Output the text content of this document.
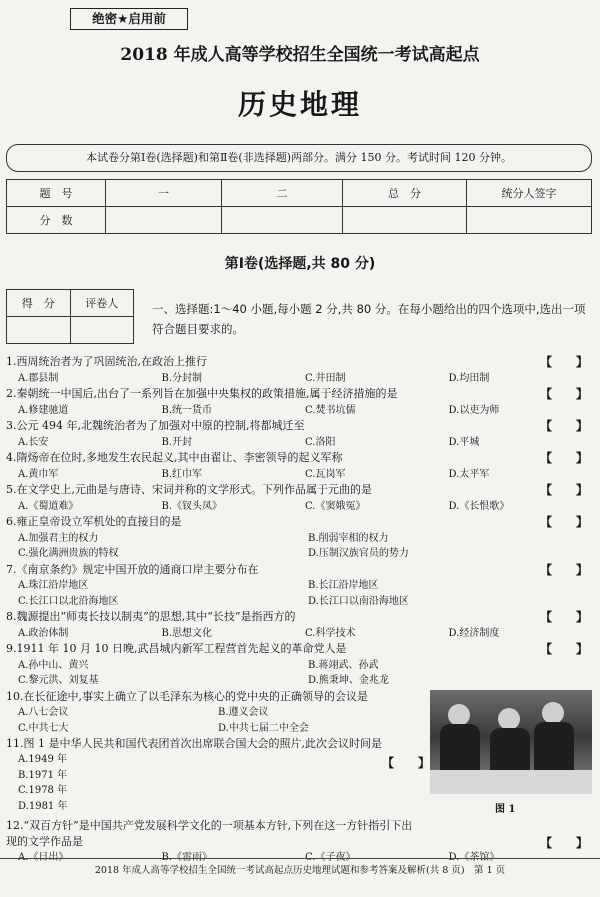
绝密★启用前
2018 年成人高等学校招生全国统一考试高起点
历史地理
本试卷分第Ⅰ卷(选择题)和第Ⅱ卷(非选择题)两部分。满分 150 分。考试时间 120 分钟。
题　号	一	二	总　分	统分人签字
分　数				
第Ⅰ卷(选择题,共 80 分)
得　分	评卷人
		一、选择题:1～40 小题,每小题 2 分,共 80 分。在每小题给出的四个选项中,选出一项符合题目要求的。
1.西周统治者为了巩固统治,在政治上推行	【　　】
A.郡县制	B.分封制	C.井田制	D.均田制
2.秦朝统一中国后,出台了一系列旨在加强中央集权的政策措施,属于经济措施的是	【　　】
A.修建驰道	B.统一货币	C.焚书坑儒	D.以吏为师
3.公元 494 年,北魏统治者为了加强对中原的控制,将都城迁至	【　　】
A.长安	B.开封	C.洛阳	D.平城
4.隋炀帝在位时,多地发生农民起义,其中由翟让、李密领导的起义军称	【　　】
A.黄巾军	B.红巾军	C.瓦岗军	D.太平军
5.在文学史上,元曲是与唐诗、宋词并称的文学形式。下列作品属于元曲的是	【　　】
A.《蜀道难》	B.《钗头凤》	C.《窦娥冤》	D.《长恨歌》
6.雍正皇帝设立军机处的直接目的是	【　　】
A.加强君主的权力	B.削弱宰相的权力
C.强化满洲贵族的特权	D.压制汉族官员的势力
7.《南京条约》规定中国开放的通商口岸主要分布在	【　　】
A.珠江沿岸地区	B.长江沿岸地区
C.长江口以北沿海地区	D.长江口以南沿海地区
8.魏源提出“师夷长技以制夷”的思想,其中“长技”是指西方的	【　　】
A.政治体制	B.思想文化	C.科学技术	D.经济制度
9.1911 年 10 月 10 日晚,武昌城内新军工程营首先起义的革命党人是	【　　】
A.孙中山、黄兴	B.蒋翊武、孙武
C.黎元洪、刘复基	D.熊秉坤、金兆龙
10.在长征途中,事实上确立了以毛泽东为核心的党中央的正确领导的会议是
A.八七会议	B.遵义会议
C.中共七大	D.中共七届二中全会
11.图 1 是中华人民共和国代表团首次出席联合国大会的照片,此次会议时间是
【　　】
A.1949 年
B.1971 年
C.1978 年
D.1981 年
12.“双百方针”是中国共产党发展科学文化的一项基本方针,下列在这一方针指引下出现的文学作品是	【　　】
A.《日出》	B.《雷雨》	C.《子夜》	D.《茶馆》
图 1
2018 年成人高等学校招生全国统一考试高起点历史地理试题和参考答案及解析(共 8 页)　第 1 页
